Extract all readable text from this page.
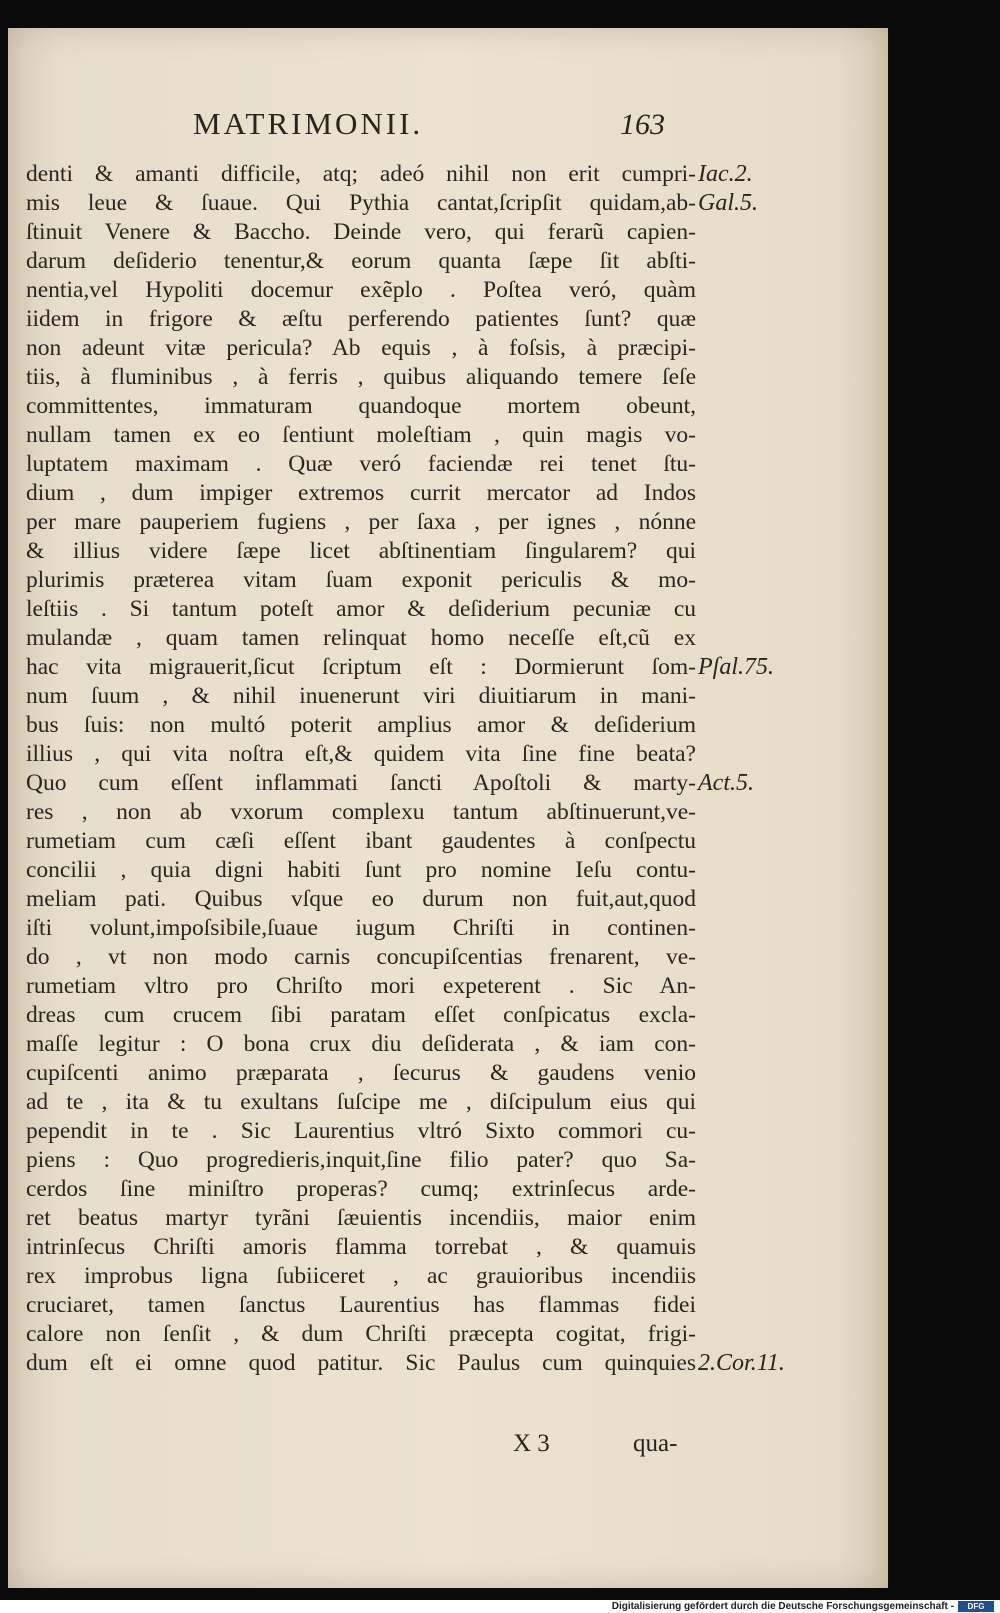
MATRIMONII.	163
denti & amanti difficile, atq; adeó nihil non erit cumpri-
mis leue & ſuaue. Qui Pythia cantat,ſcripſit quidam,ab-
ſtinuit Venere & Baccho. Deinde vero, qui ferarũ capien-
darum deſiderio tenentur,& eorum quanta ſæpe ſit abſti-
nentia,vel Hypoliti docemur exẽplo . Poſtea veró, quàm
iidem in frigore & æſtu perferendo patientes ſunt? quæ
non adeunt vitæ pericula? Ab equis , à foſsis, à præcipi-
tiis, à fluminibus , à ferris , quibus aliquando temere ſeſe
committentes, immaturam quandoque mortem obeunt,
nullam tamen ex eo ſentiunt moleſtiam , quin magis vo-
luptatem maximam . Quæ veró faciendæ rei tenet ſtu-
dium , dum impiger extremos currit mercator ad Indos
per mare pauperiem fugiens , per ſaxa , per ignes , nónne
& illius videre ſæpe licet abſtinentiam ſingularem? qui
plurimis præterea vitam ſuam exponit periculis & mo-
leſtiis . Si tantum poteſt amor & deſiderium pecuniæ cu
mulandæ , quam tamen relinquat homo neceſſe eſt,cũ ex
hac vita migrauerit,ſicut ſcriptum eſt : Dormierunt ſom-
num ſuum , & nihil inuenerunt viri diuitiarum in mani-
bus ſuis: non multó poterit amplius amor & deſiderium
illius , qui vita noſtra eſt,& quidem vita ſine fine beata?
Quo cum eſſent inflammati ſancti Apoſtoli & marty-
res , non ab vxorum complexu tantum abſtinuerunt,ve-
rumetiam cum cæſi eſſent ibant gaudentes à conſpectu
concilii , quia digni habiti ſunt pro nomine Ieſu contu-
meliam pati. Quibus vſque eo durum non fuit,aut,quod
iſti volunt,impoſsibile,ſuaue iugum Chriſti in continen-
do , vt non modo carnis concupiſcentias frenarent, ve-
rumetiam vltro pro Chriſto mori expeterent . Sic An-
dreas cum crucem ſibi paratam eſſet conſpicatus excla-
maſſe legitur : O bona crux diu deſiderata , & iam con-
cupiſcenti animo præparata , ſecurus & gaudens venio
ad te , ita & tu exultans ſuſcipe me , diſcipulum eius qui
pependit in te . Sic Laurentius vltró Sixto commori cu-
piens : Quo progredieris,inquit,ſine filio pater? quo Sa-
cerdos ſine miniſtro properas? cumq; extrinſecus arde-
ret beatus martyr tyrãni ſæuientis incendiis, maior enim
intrinſecus Chriſti amoris flamma torrebat , & quamuis
rex improbus ligna ſubiiceret , ac grauioribus incendiis
cruciaret, tamen ſanctus Laurentius has flammas fidei
calore non ſenſit , & dum Chriſti præcepta cogitat, frigi-
dum eſt ei omne quod patitur. Sic Paulus cum quinquies
Iac.2.
Gal.5.
Pſal.75.
Act.5.
2.Cor.11.
X 3	qua-
Digitalisierung gefördert durch die Deutsche Forschungsgemeinschaft -	DFG
